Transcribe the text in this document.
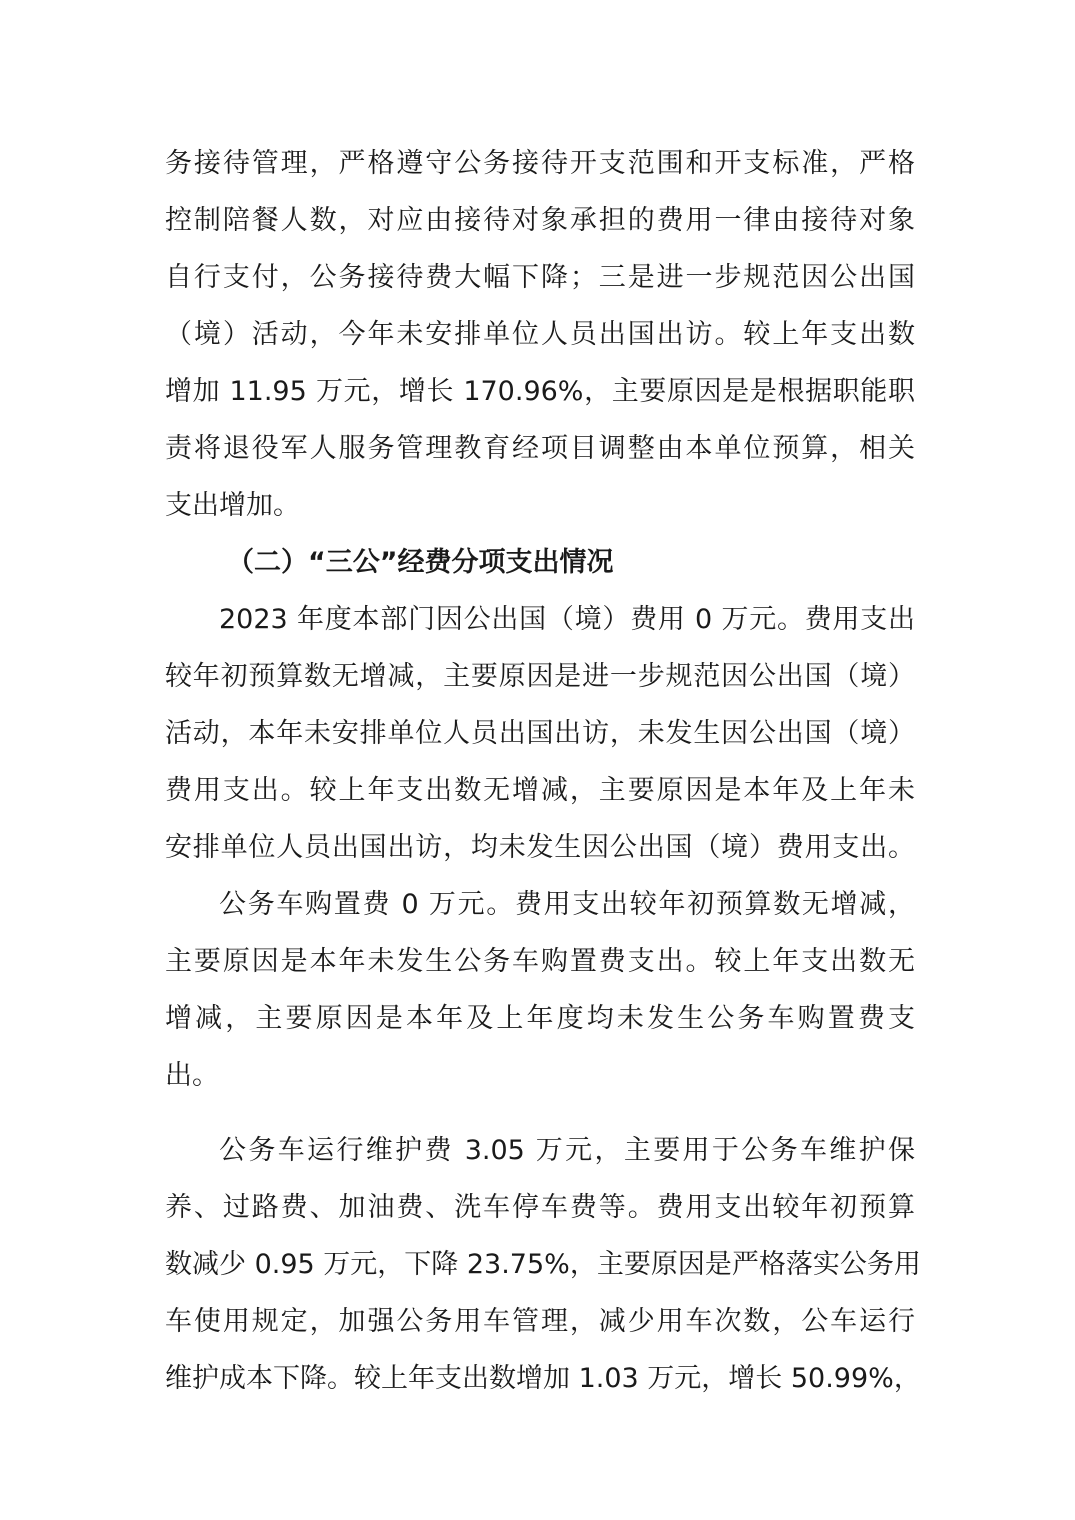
务接待管理，严格遵守公务接待开支范围和开支标准，严格
控制陪餐人数，对应由接待对象承担的费用一律由接待对象
自行支付，公务接待费大幅下降；三是进一步规范因公出国
（境）活动，今年未安排单位人员出国出访。较上年支出数
增加 11.95 万元，增长 170.96%，主要原因是是根据职能职
责将退役军人服务管理教育经项目调整由本单位预算，相关
支出增加。
（二）“三公”经费分项支出情况
2023 年度本部门因公出国（境）费用 0 万元。费用支出
较年初预算数无增减，主要原因是进一步规范因公出国（境）
活动，本年未安排单位人员出国出访，未发生因公出国（境）
费用支出。较上年支出数无增减，主要原因是本年及上年未
安排单位人员出国出访，均未发生因公出国（境）费用支出。
公务车购置费 0 万元。费用支出较年初预算数无增减，
主要原因是本年未发生公务车购置费支出。较上年支出数无
增减，主要原因是本年及上年度均未发生公务车购置费支
出。
公务车运行维护费 3.05 万元，主要用于公务车维护保
养、过路费、加油费、洗车停车费等。费用支出较年初预算
数减少 0.95 万元，下降 23.75%，主要原因是严格落实公务用
车使用规定，加强公务用车管理，减少用车次数，公车运行
维护成本下降。较上年支出数增加 1.03 万元，增长 50.99%，
